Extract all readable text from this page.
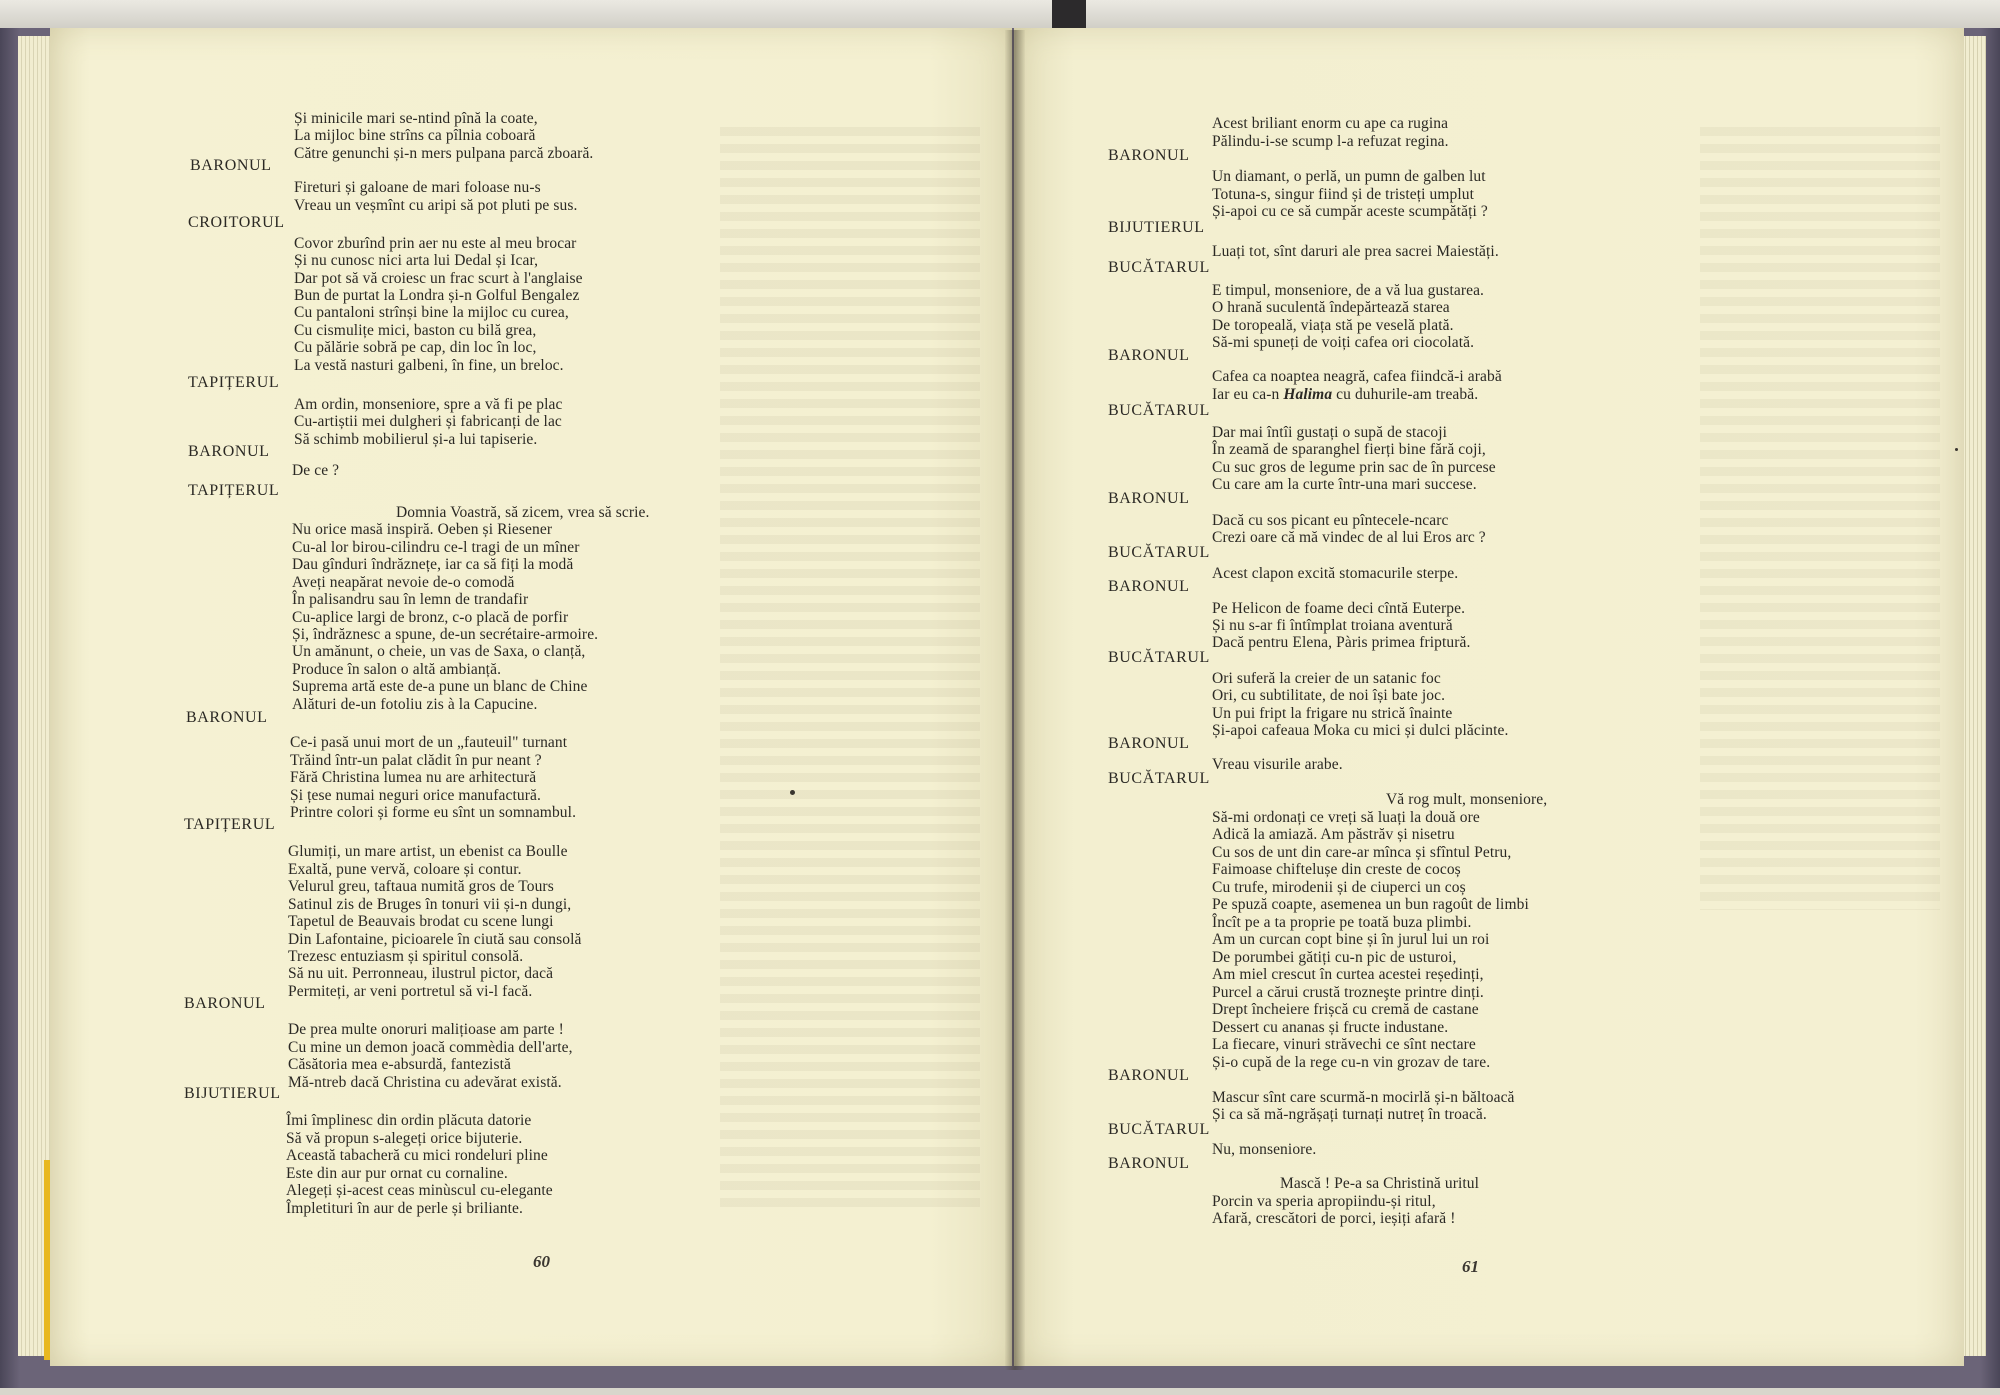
Și minicile mari se-ntind pînă la coate,
La mijloc bine strîns ca pîlnia coboară
Către genunchi și-n mers pulpana parcă zboară.
BARONUL
Fireturi și galoane de mari foloase nu-s
Vreau un veșmînt cu aripi să pot pluti pe sus.
CROITORUL
Covor zburînd prin aer nu este al meu brocar
Și nu cunosc nici arta lui Dedal și Icar,
Dar pot să vă croiesc un frac scurt à l'anglaise
Bun de purtat la Londra și-n Golful Bengalez
Cu pantaloni strînși bine la mijloc cu curea,
Cu cismulițe mici, baston cu bilă grea,
Cu pălărie sobră pe cap, din loc în loc,
La vestă nasturi galbeni, în fine, un breloc.
TAPIȚERUL
Am ordin, monseniore, spre a vă fi pe plac
Cu-artiștii mei dulgheri și fabricanți de lac
Să schimb mobilierul și-a lui tapiserie.
BARONUL
De ce ?
TAPIȚERUL
Domnia Voastră, să zicem, vrea să scrie.
Nu orice masă inspiră. Oeben și Riesener
Cu-al lor birou-cilindru ce-l tragi de un mîner
Dau gînduri îndrăznețe, iar ca să fiți la modă
Aveți neapărat nevoie de-o comodă
În palisandru sau în lemn de trandafir
Cu-aplice largi de bronz, c-o placă de porfir
Și, îndrăznesc a spune, de-un secrétaire-armoire.
Un amănunt, o cheie, un vas de Saxa, o clanță,
Produce în salon o altă ambianță.
Suprema artă este de-a pune un blanc de Chine
Alături de-un fotoliu zis à la Capucine.
BARONUL
Ce-i pasă unui mort de un „fauteuil" turnant
Trăind într-un palat clădit în pur neant ?
Fără Christina lumea nu are arhitectură
Și țese numai neguri orice manufactură.
Printre colori și forme eu sînt un somnambul.
TAPIȚERUL
Glumiți, un mare artist, un ebenist ca Boulle
Exaltă, pune vervă, coloare și contur.
Velurul greu, taftaua numită gros de Tours
Satinul zis de Bruges în tonuri vii și-n dungi,
Tapetul de Beauvais brodat cu scene lungi
Din Lafontaine, picioarele în ciută sau consolă
Trezesc entuziasm și spiritul consolă.
Să nu uit. Perronneau, ilustrul pictor, dacă
Permiteți, ar veni portretul să vi-l facă.
BARONUL
De prea multe onoruri malițioase am parte !
Cu mine un demon joacă commèdia dell'arte,
Căsătoria mea e-absurdă, fantezistă
Mă-ntreb dacă Christina cu adevărat există.
BIJUTIERUL
Îmi împlinesc din ordin plăcuta datorie
Să vă propun s-alegeți orice bijuterie.
Această tabacheră cu mici rondeluri pline
Este din aur pur ornat cu cornaline.
Alegeți și-acest ceas minùscul cu-elegante
Împletituri în aur de perle și briliante.
Acest briliant enorm cu ape ca rugina
Pălindu-i-se scump l-a refuzat regina.
BARONUL
Un diamant, o perlă, un pumn de galben lut
Totuna-s, singur fiind și de tristeți umplut
Și-apoi cu ce să cumpăr aceste scumpătăți ?
BIJUTIERUL
Luați tot, sînt daruri ale prea sacrei Maiestăți.
BUCĂTARUL
E timpul, monseniore, de a vă lua gustarea.
O hrană suculentă îndepărtează starea
De toropeală, viața stă pe veselă plată.
Să-mi spuneți de voiți cafea ori ciocolată.
BARONUL
Cafea ca noaptea neagră, cafea fiindcă-i arabă
Iar eu ca-n Halima cu duhurile-am treabă.
BUCĂTARUL
Dar mai întîi gustați o supă de stacoji
În zeamă de sparanghel fierți bine fără coji,
Cu suc gros de legume prin sac de în purcese
Cu care am la curte într-una mari succese.
BARONUL
Dacă cu sos picant eu pîntecele-ncarc
Crezi oare că mă vindec de al lui Eros arc ?
BUCĂTARUL
Acest clapon excită stomacurile sterpe.
BARONUL
Pe Helicon de foame deci cîntă Euterpe.
Și nu s-ar fi întîmplat troiana aventură
Dacă pentru Elena, Pàris primea friptură.
BUCĂTARUL
Ori suferă la creier de un satanic foc
Ori, cu subtilitate, de noi își bate joc.
Un pui fript la frigare nu strică înainte
Și-apoi cafeaua Moka cu mici și dulci plăcinte.
BARONUL
Vreau visurile arabe.
BUCĂTARUL
Vă rog mult, monseniore,
Să-mi ordonați ce vreți să luați la două ore
Adică la amiază. Am păstrăv și nisetru
Cu sos de unt din care-ar mînca și sfîntul Petru,
Faimoase chiftelușe din creste de cocoș
Cu trufe, mirodenii și de ciuperci un coș
Pe spuză coapte, asemenea un bun ragoût de limbi
Încît pe a ta proprie pe toată buza plimbi.
Am un curcan copt bine și în jurul lui un roi
De porumbei gătiți cu-n pic de usturoi,
Am miel crescut în curtea acestei reședinți,
Purcel a cărui crustă trozneşte printre dinți.
Drept încheiere frișcă cu cremă de castane
Dessert cu ananas și fructe industane.
La fiecare, vinuri străvechi ce sînt nectare
Și-o cupă de la rege cu-n vin grozav de tare.
BARONUL
Mascur sînt care scurmă-n mocirlă și-n băltoacă
Și ca să mă-ngrășați turnați nutreț în troacă.
BUCĂTARUL
Nu, monseniore.
BARONUL
Mască ! Pe-a sa Christină uritul
Porcin va speria apropiindu-și ritul,
Afară, crescători de porci, ieșiți afară !
60	61
